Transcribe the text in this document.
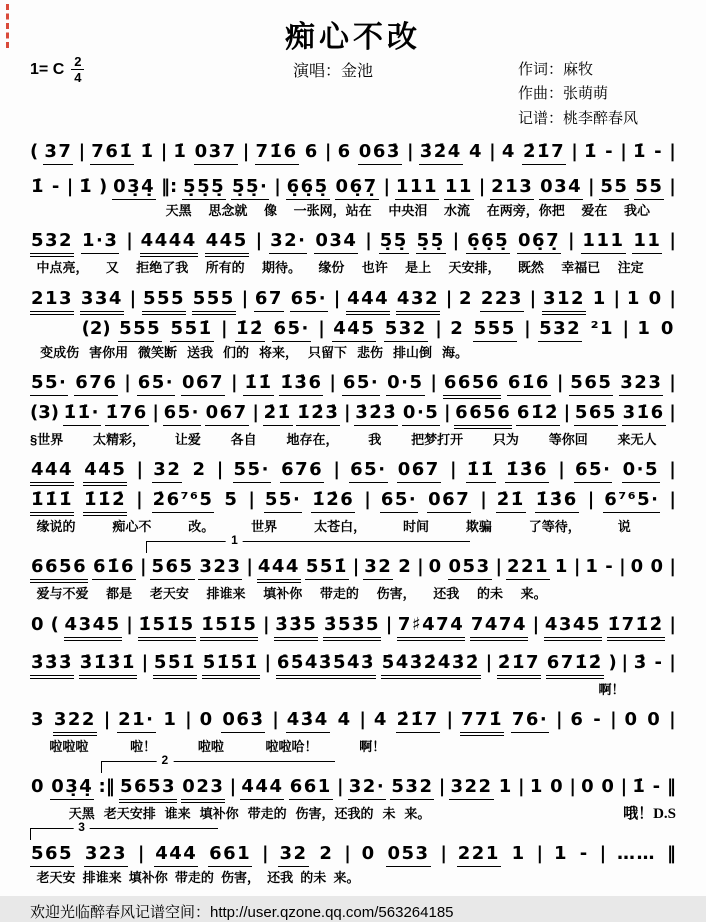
痴心不改
1= C 2
4	演唱：金池	作词：麻牧
作曲：张萌萌
记谱：桃李醉春风
( 37 | 761̇ 1̇ | 1̇ 037 | 71̇6 6 | 6 063̇ | 3̇2̇4 4 | 4 2̇1̇7 | 1̇ - | 1̇ - |
1̇ - | 1̇ ) 03̣4̣ ‖: 5̣5̣5̣ 5̣5̣· | 6̣6̣5̣ 06̣7̣ | 111 11 | 213 034 | 55 55 |
天黑 思念就 像 一张网，站在 中央泪 水流 在两旁，你把 爱在 我心
532 1·3 | 4444 445 | 32· 034 | 5̣5̣ 5̣5̣ | 6̣6̣5̣ 06̣7̣ | 111 11 |
中点亮， 又 拒绝了我 所有的 期待。 缘份 也许 是上 天安排， 既然 幸福已 注定
213 334 | 555 555 | 67 65· | 444 432 | 2 223 | 312 1 | 1 0 |
(2) 555 551̇ | 1̇2̇ 65· | 445 532 | 2 555 | 532 ²1 | 1 0
变成伤 害你用 微笑断 送我 们的 将来， 只留下 悲伤 排山倒 海。
55· 676 | 65· 067 | 1̇1̇ 1̇3̇6 | 65· 0·5 | 6656 61̇6 | 565 323 |
(3) 1̇1̇· 1̇76 | 65· 067 | 2̇1̇ 1̇2̇3̇ | 3̇2̇3̇ 0·5 | 6656 61̇2̇ | 565 31̇6 |
§世界 太精彩， 让爱 各自 地存在， 我 把梦打开 只为 等你回 来无人
444 445 | 32 2 | 55· 676 | 65· 067 | 1̇1̇ 1̇3̇6 | 65· 0·5 |
1̇1̇1̇ 1̇1̇2̇ | 2̇6⁷⁶5 5 | 55· 1̇2̇6 | 65· 067 | 2̇1̇ 1̇3̇6 | 6⁷⁶5· |
缘说的	痴心不	改。	世界	太苍白，	时间	欺骗	了等待，	说
1
6656 61̇6 | 565 323 | 444 551̇ | 32 2 | 0 053 | 221 1 | 1 - | 0 0 |
爱与不爱 都是 老天安 排谁来 填补你 带走的 伤害， 还我 的未 来。
0 ( 4345 | 1̇51̇5 1̇51̇5 | 3̇3̇5 3̇53̇5 | 7♯474 7474 | 4345 1̇71̇2̇ |
3̇3̇3̇ 3̇1̇3̇1̇ | 5̇5̇1̇ 5̇1̇5̇1̇ | 6̇5̇4̇3̇5̇4̇3̇ 5̇4̇3̇2̇4̇3̇2̇ | 2̇1̇7 671̇2̇ ) | 3̇ - |
啊！
3 322 | 21· 1 | 0 063̇ | 43̇4 4 | 4 2̇1̇7 | 771̇ 76· | 6 - | 0 0 |
啦啦啦	啦！	啦啦	啦啦哈！	啊！
2
0 03̣4̣ :‖ 5653 023 | 444 661 | 32· 532 | 322 1 | 1 0 | 0 0 | 1̇ - ‖
天黑 老天安排 谁来 填补你 带走的 伤害，还我的 未 来。	哦！D.S
3
565 323 | 444 661 | 32 2 | 0 053 | 221 1 | 1 - | …… ‖
老天安 排谁来 填补你 带走的 伤害， 还我 的未 来。
欢迎光临醉春风记谱空间：http://user.qzone.qq.com/563264185
